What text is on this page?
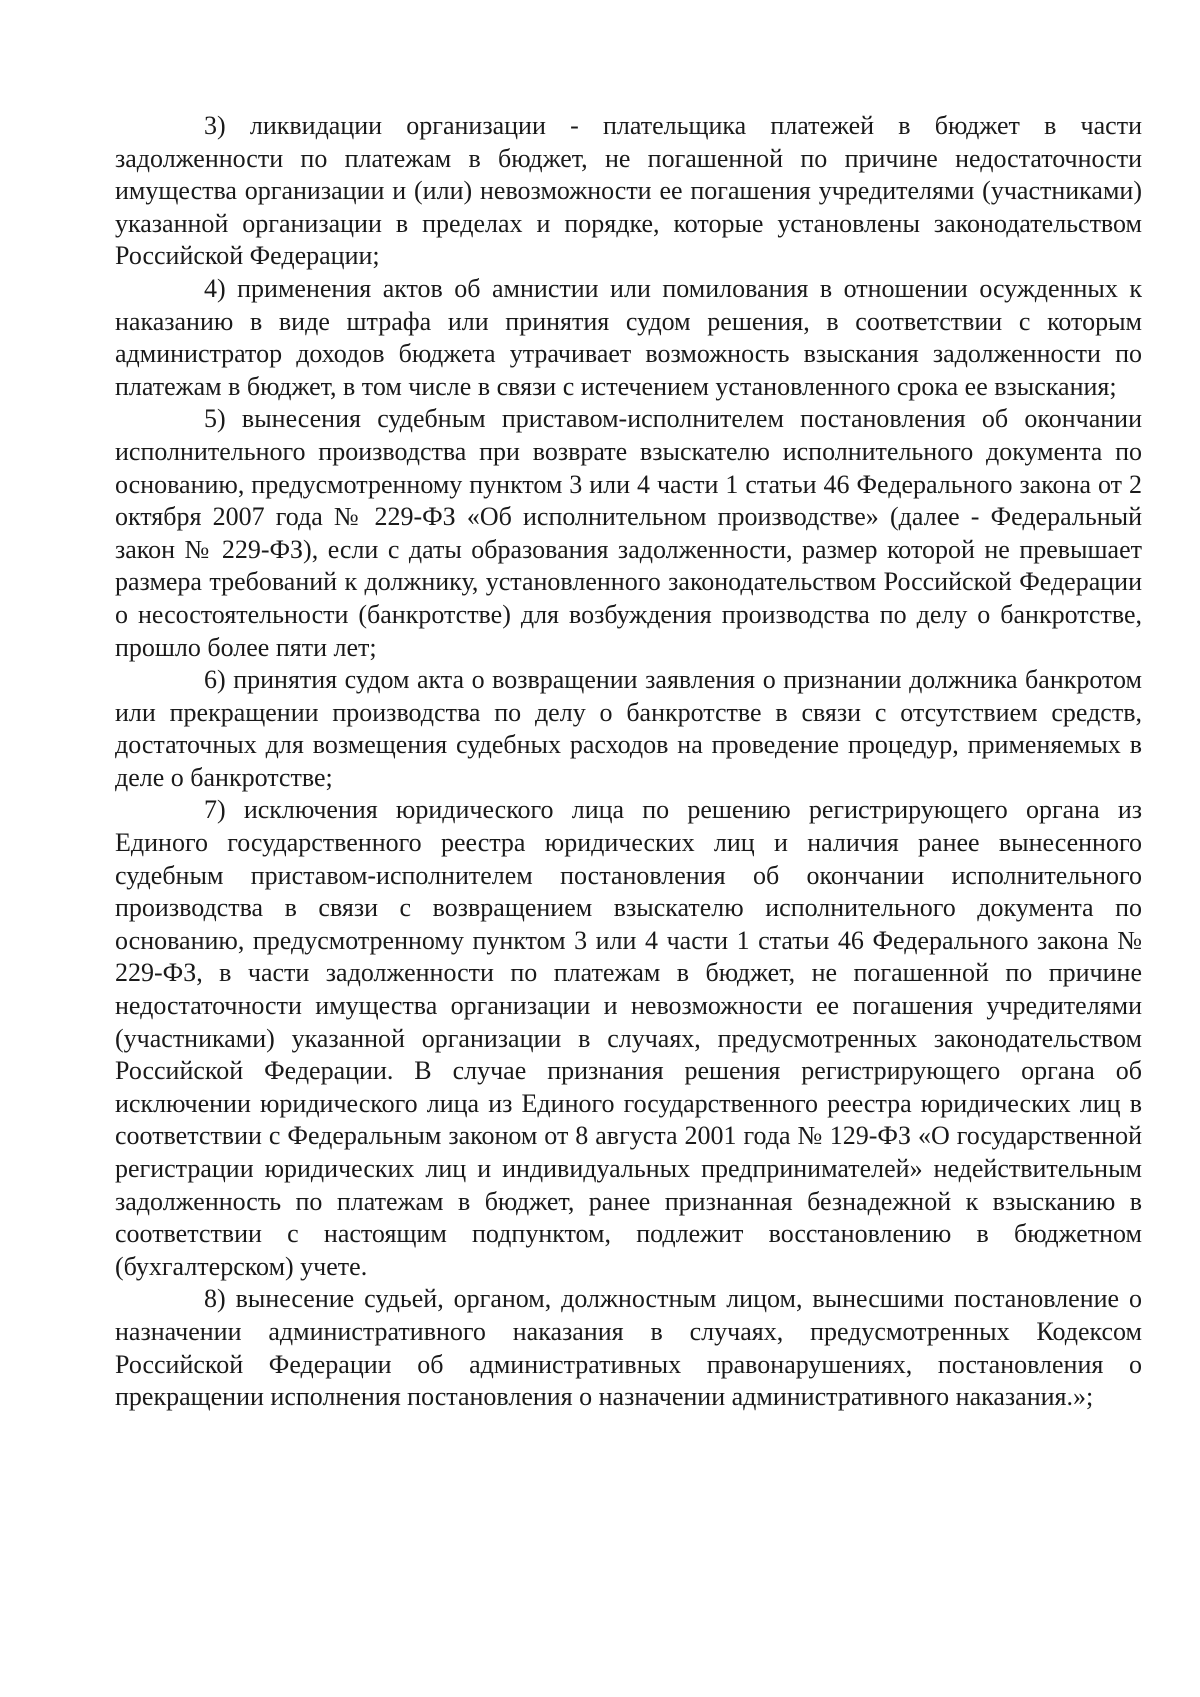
3) ликвидации организации - плательщика платежей в бюджет в части задолженности по платежам в бюджет, не погашенной по причине недостаточности имущества организации и (или) невозможности ее погашения учредителями (участниками) указанной организации в пределах и порядке, которые установлены законодательством Российской Федерации;

4) применения актов об амнистии или помилования в отношении осужденных к наказанию в виде штрафа или принятия судом решения, в соответствии с которым администратор доходов бюджета утрачивает возможность взыскания задолженности по платежам в бюджет, в том числе в связи с истечением установленного срока ее взыскания;

5) вынесения судебным приставом-исполнителем постановления об окончании исполнительного производства при возврате взыскателю исполнительного документа по основанию, предусмотренному пунктом 3 или 4 части 1 статьи 46 Федерального закона от 2 октября 2007 года № 229-ФЗ «Об исполнительном производстве» (далее - Федеральный закон № 229-ФЗ), если с даты образования задолженности, размер которой не превышает размера требований к должнику, установленного законодательством Российской Федерации о несостоятельности (банкротстве) для возбуждения производства по делу о банкротстве, прошло более пяти лет;

6) принятия судом акта о возвращении заявления о признании должника банкротом или прекращении производства по делу о банкротстве в связи с отсутствием средств, достаточных для возмещения судебных расходов на проведение процедур, применяемых в деле о банкротстве;

7) исключения юридического лица по решению регистрирующего органа из Единого государственного реестра юридических лиц и наличия ранее вынесенного судебным приставом-исполнителем постановления об окончании исполнительного производства в связи с возвращением взыскателю исполнительного документа по основанию, предусмотренному пунктом 3 или 4 части 1 статьи 46 Федерального закона № 229-ФЗ, в части задолженности по платежам в бюджет, не погашенной по причине недостаточности имущества организации и невозможности ее погашения учредителями (участниками) указанной организации в случаях, предусмотренных законодательством Российской Федерации. В случае признания решения регистрирующего органа об исключении юридического лица из Единого государственного реестра юридических лиц в соответствии с Федеральным законом от 8 августа 2001 года № 129-ФЗ «О государственной регистрации юридических лиц и индивидуальных предпринимателей» недействительным задолженность по платежам в бюджет, ранее признанная безнадежной к взысканию в соответствии с настоящим подпунктом, подлежит восстановлению в бюджетном (бухгалтерском) учете.

8) вынесение судьей, органом, должностным лицом, вынесшими постановление о назначении административного наказания в случаях, предусмотренных Кодексом Российской Федерации об административных правонарушениях, постановления о прекращении исполнения постановления о назначении административного наказания.»;
